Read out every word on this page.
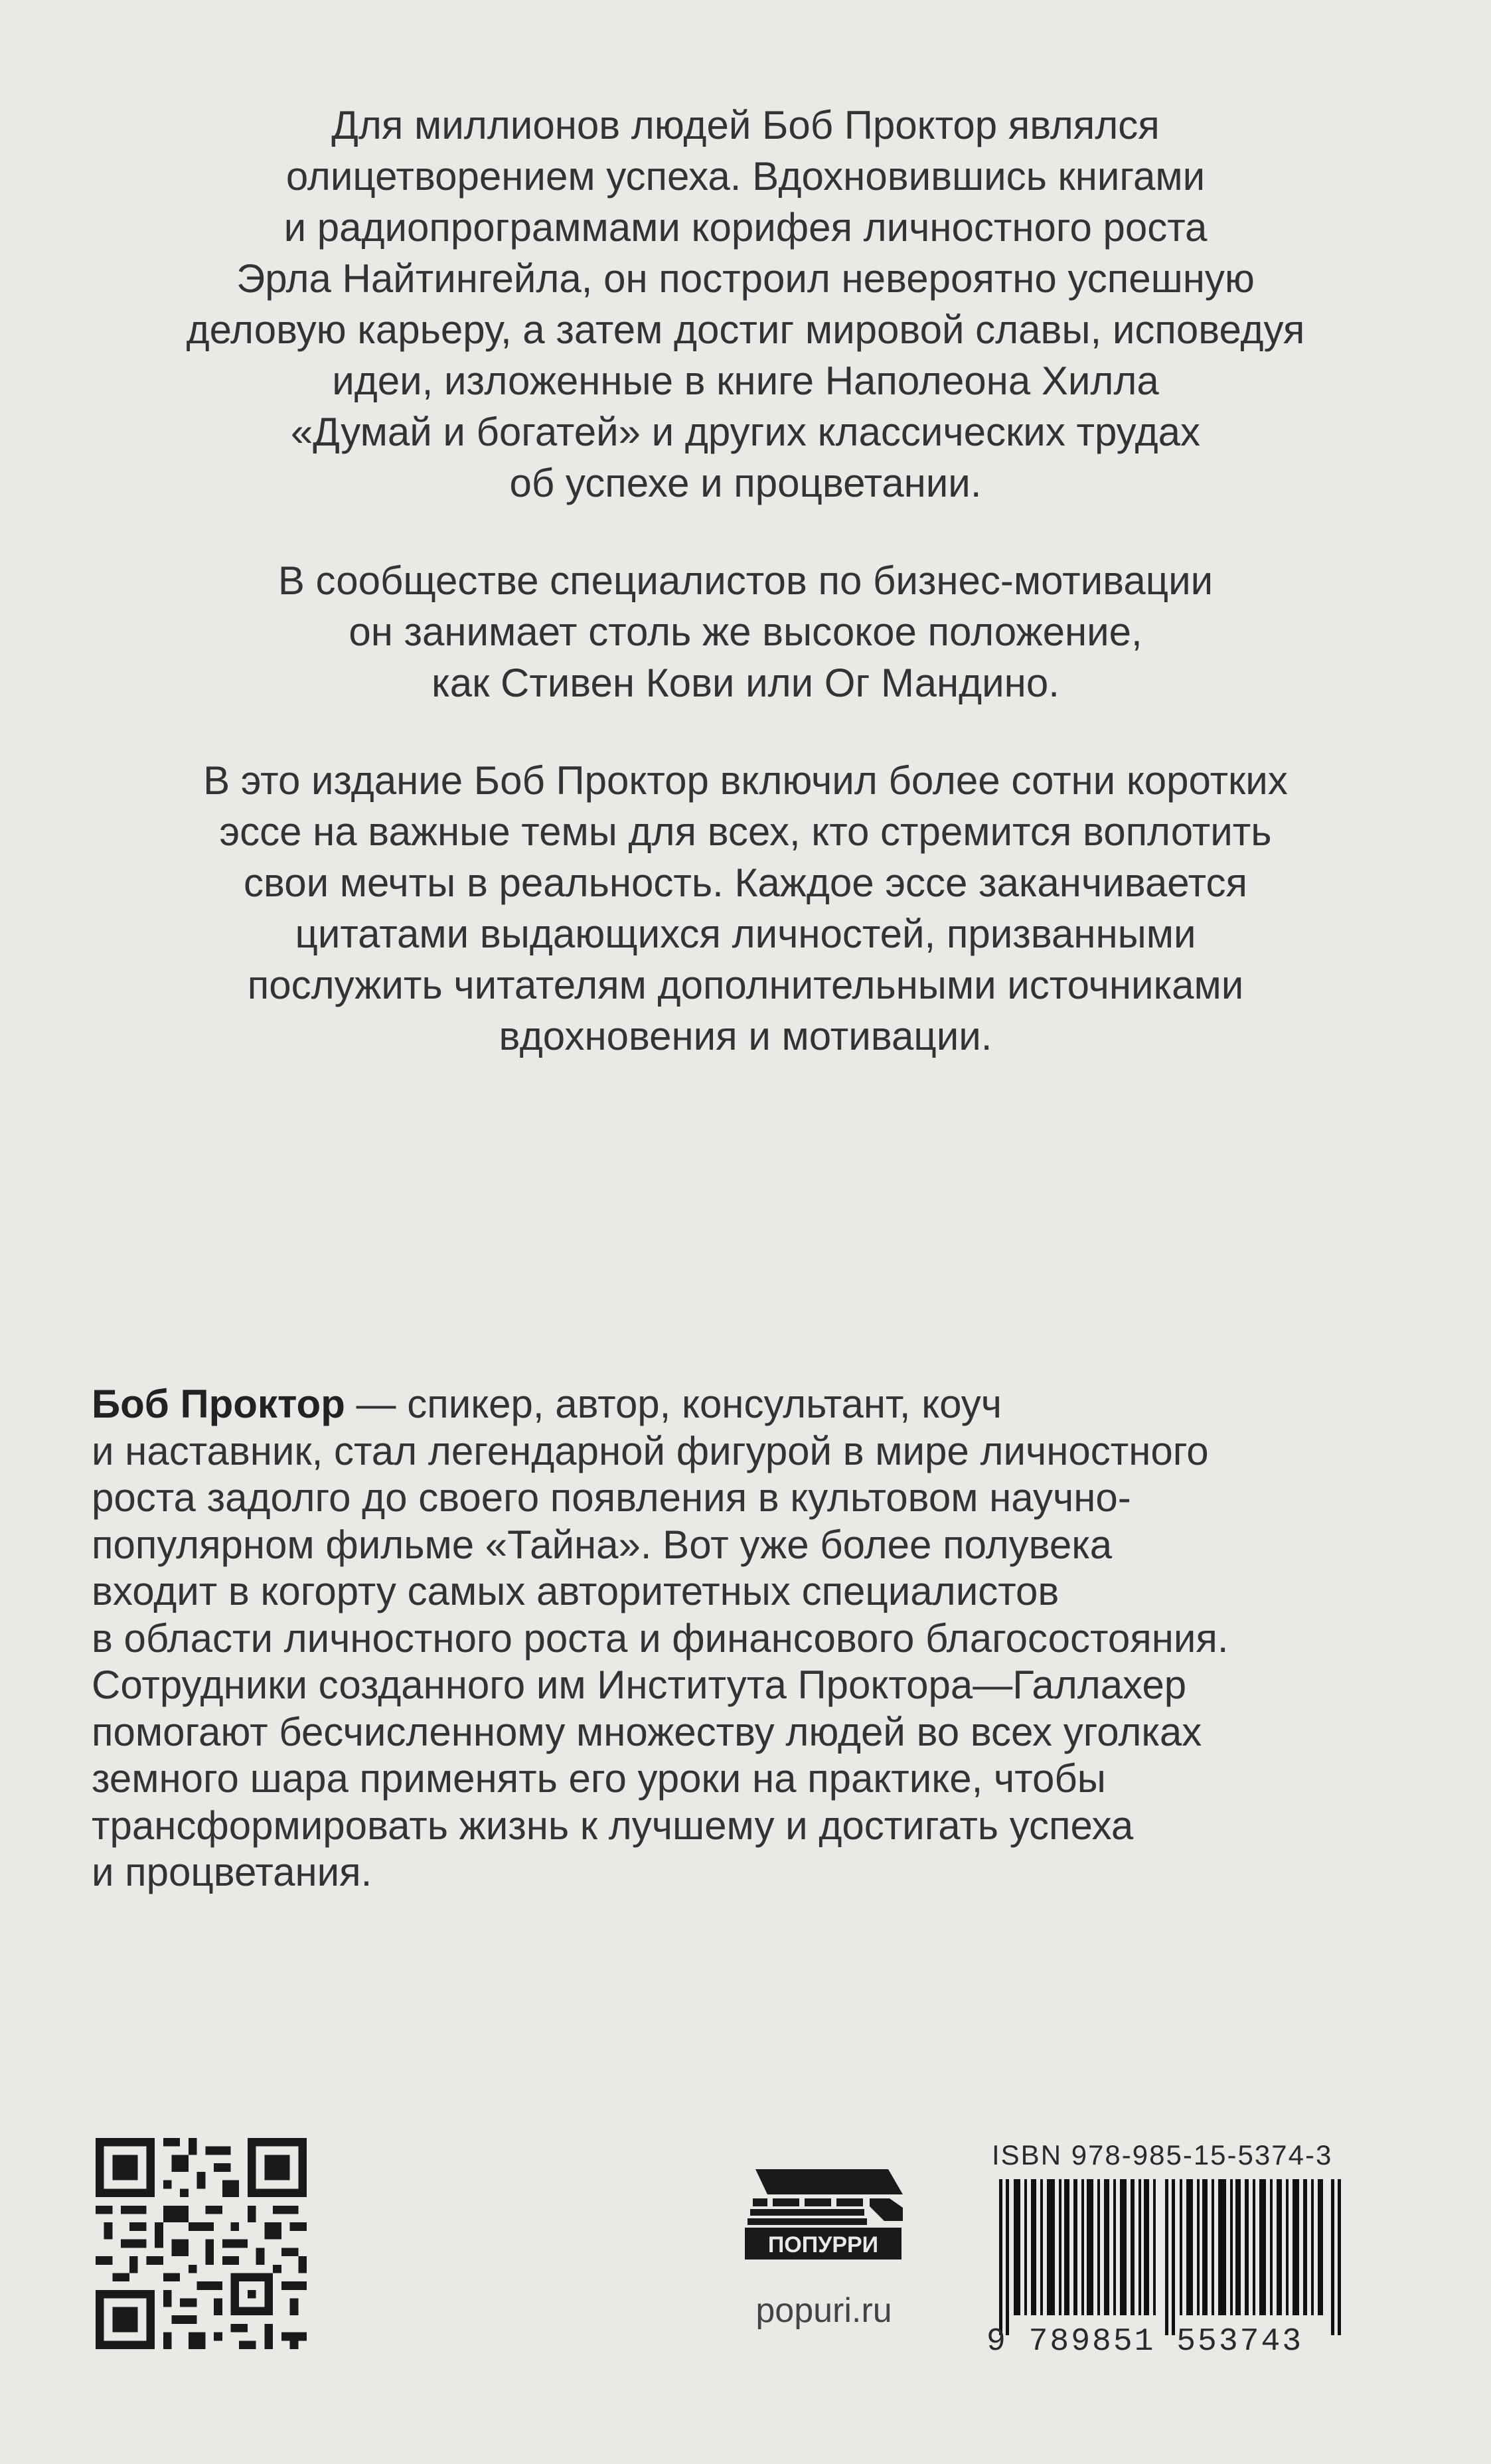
Для миллионов людей Боб Проктор являлся
олицетворением успеха. Вдохновившись книгами
и радиопрограммами корифея личностного роста
Эрла Найтингейла, он построил невероятно успешную
деловую карьеру, а затем достиг мировой славы, исповедуя
идеи, изложенные в книге Наполеона Хилла
«Думай и богатей» и других классических трудах
об успехе и процветании.

В сообществе специалистов по бизнес-мотивации
он занимает столь же высокое положение,
как Стивен Кови или Ог Мандино.

В это издание Боб Проктор включил более сотни коротких
эссе на важные темы для всех, кто стремится воплотить
свои мечты в реальность. Каждое эссе заканчивается
цитатами выдающихся личностей, призванными
послужить читателям дополнительными источниками
вдохновения и мотивации.

Боб Проктор — спикер, автор, консультант, коуч
и наставник, стал легендарной фигурой в мире личностного
роста задолго до своего появления в культовом научно-
популярном фильме «Тайна». Вот уже более полувека
входит в когорту самых авторитетных специалистов
в области личностного роста и финансового благосостояния.
Сотрудники созданного им Института Проктора—Галлахер
помогают бесчисленному множеству людей во всех уголках
земного шара применять его уроки на практике, чтобы
трансформировать жизнь к лучшему и достигать успеха
и процветания.
ПОПУРРИ
popuri.ru
ISBN 978-985-15-5374-3
9 789851 553743
